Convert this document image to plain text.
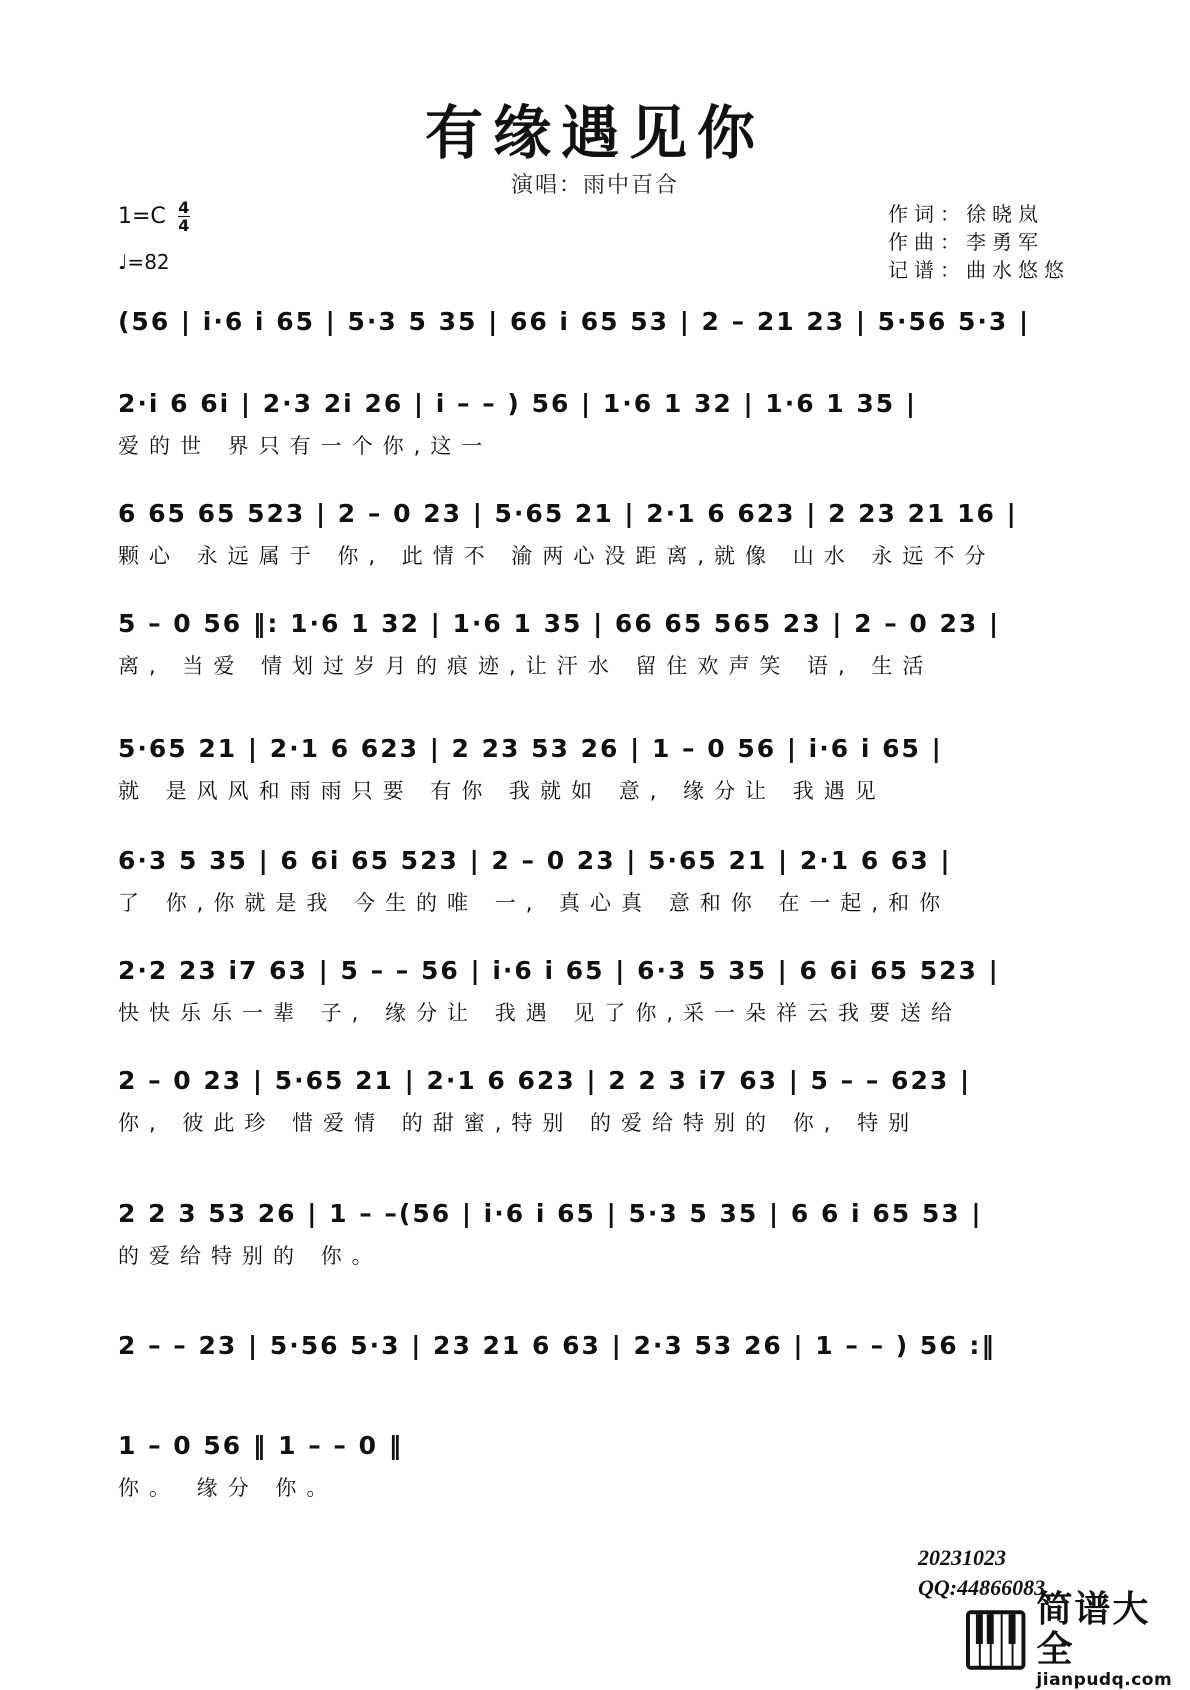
有缘遇见你
演唱：雨中百合
1=C 4
4
♩=82
作词：徐晓岚
作曲：李勇军
记谱：曲水悠悠
(56 | i·6 i 65 | 5·3 5 35 | 66 i 65 53 | 2 – 21 23 | 5·56 5·3 |
2·i 6 6i | 2·3 2i 26 | i – – ) 56 | 1·6 1 32 | 1·6 1 35 |
爱的世 界只有一个你,这一
6 65 65 523 | 2 – 0 23 | 5·65 21 | 2·1 6 623 | 2 23 21 16 |
颗心 永远属于 你, 此情不 渝两心没距离,就像 山水 永远不分
5 – 0 56 ‖: 1·6 1 32 | 1·6 1 35 | 66 65 565 23 | 2 – 0 23 |
离, 当爱 情划过岁月的痕迹,让汗水 留住欢声笑 语, 生活
5·65 21 | 2·1 6 623 | 2 23 53 26 | 1 – 0 56 | i·6 i 65 |
就 是风风和雨雨只要 有你 我就如 意, 缘分让 我遇见
6·3 5 35 | 6 6i 65 523 | 2 – 0 23 | 5·65 21 | 2·1 6 63 |
了 你,你就是我 今生的唯 一, 真心真 意和你 在一起,和你
2·2 23 i7 63 | 5 – – 56 | i·6 i 65 | 6·3 5 35 | 6 6i 65 523 |
快快乐乐一辈 子, 缘分让 我遇 见了你,采一朵祥云我要送给
2 – 0 23 | 5·65 21 | 2·1 6 623 | 2 2 3 i7 63 | 5 – – 623 |
你, 彼此珍 惜爱情 的甜蜜,特别 的爱给特别的 你, 特别
2 2 3 53 26 | 1 – –(56 | i·6 i 65 | 5·3 5 35 | 6 6 i 65 53 |
的爱给特别的 你。
2 – – 23 | 5·56 5·3 | 23 21 6 63 | 2·3 53 26 | 1 – – ) 56 :‖
1 – 0 56 ‖ 1 – – 0 ‖
你。 缘分 你。
20231023
QQ:44866083
简谱大全
jianpudq.com
